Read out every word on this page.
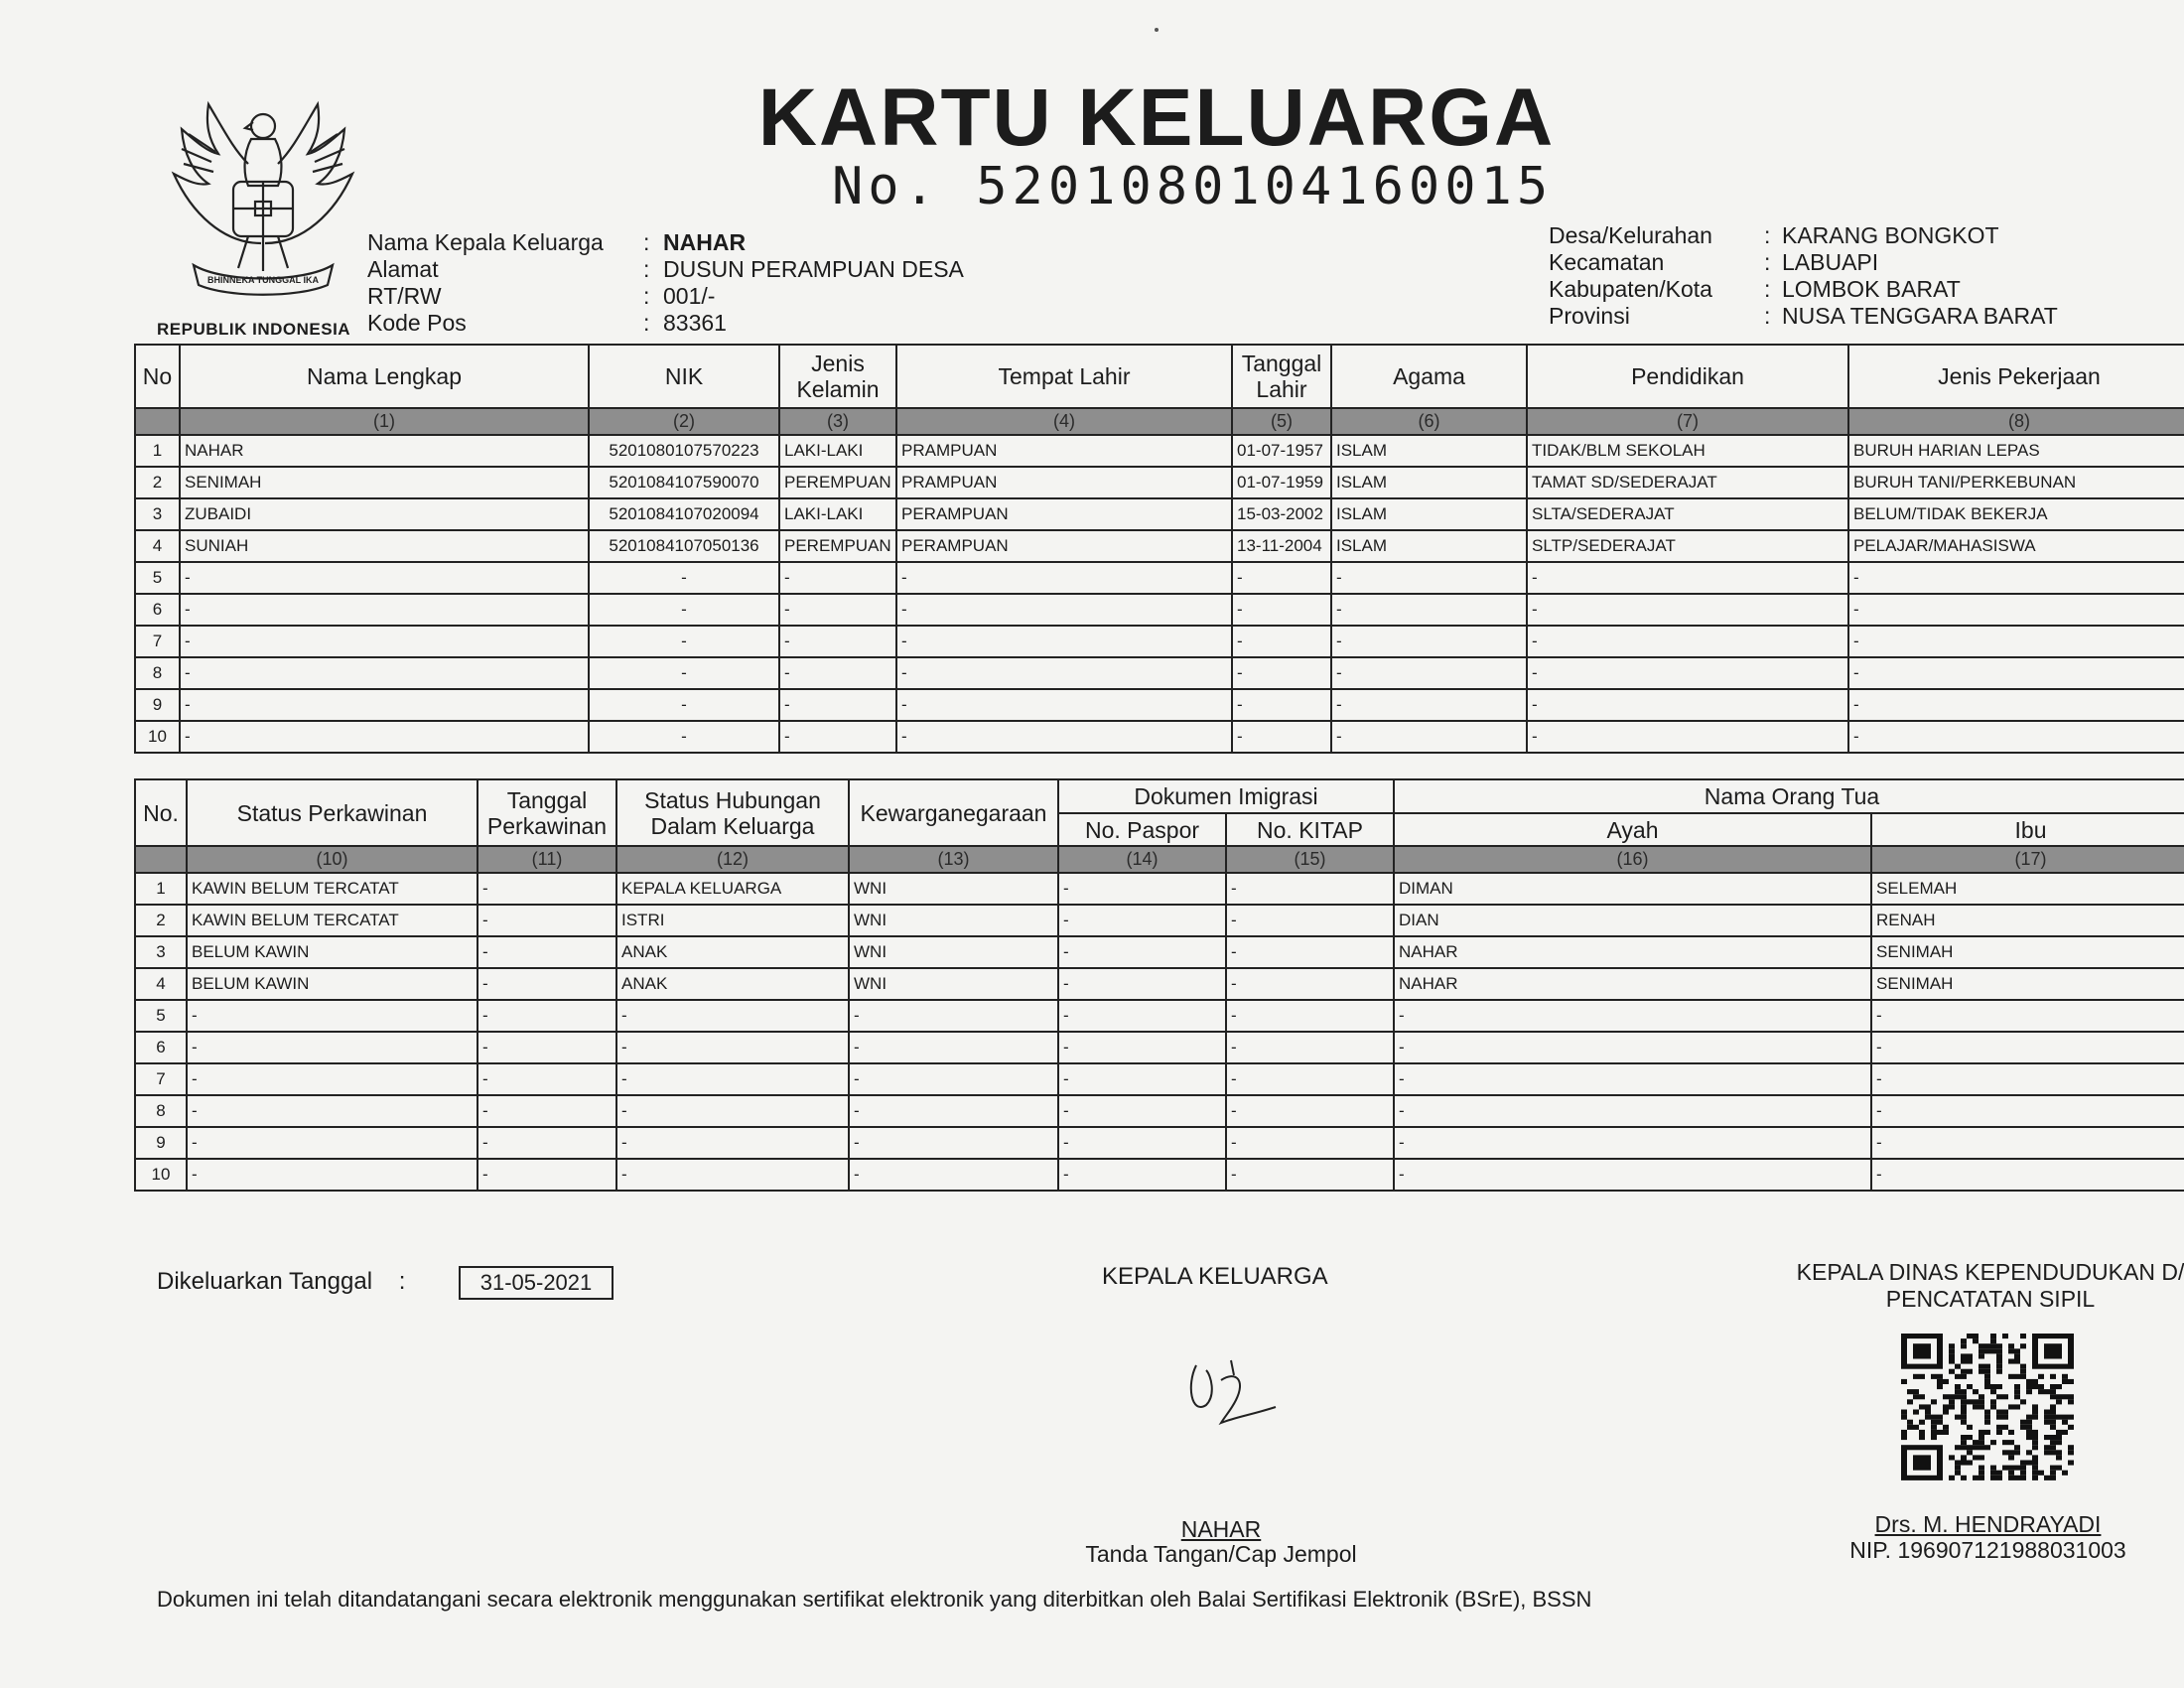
BHINNEKA TUNGGAL IKA
REPUBLIK INDONESIA
KARTU KELUARGA
No. 5201080104160015
Nama Kepala Keluarga	: NAHAR
Alamat	: DUSUN PERAMPUAN DESA
RT/RW	: 001/-
Kode Pos	: 83361
Desa/Kelurahan	: KARANG BONGKOT
Kecamatan	: LABUAPI
Kabupaten/Kota	: LOMBOK BARAT
Provinsi	: NUSA TENGGARA BARAT
No	Nama Lengkap	NIK	Jenis Kelamin	Tempat Lahir	Tanggal Lahir	Agama	Pendidikan	Jenis Pekerjaan
	(1)	(2)	(3)	(4)	(5)	(6)	(7)	(8)
1	NAHAR	5201080107570223	LAKI-LAKI	PRAMPUAN	01-07-1957	ISLAM	TIDAK/BLM SEKOLAH	BURUH HARIAN LEPAS
2	SENIMAH	5201084107590070	PEREMPUAN	PRAMPUAN	01-07-1959	ISLAM	TAMAT SD/SEDERAJAT	BURUH TANI/PERKEBUNAN
3	ZUBAIDI	5201084107020094	LAKI-LAKI	PERAMPUAN	15-03-2002	ISLAM	SLTA/SEDERAJAT	BELUM/TIDAK BEKERJA
4	SUNIAH	5201084107050136	PEREMPUAN	PERAMPUAN	13-11-2004	ISLAM	SLTP/SEDERAJAT	PELAJAR/MAHASISWA
5	-	-	-	-	-	-	-	-
6	-	-	-	-	-	-	-	-
7	-	-	-	-	-	-	-	-
8	-	-	-	-	-	-	-	-
9	-	-	-	-	-	-	-	-
10	-	-	-	-	-	-	-	-
No.	Status Perkawinan	Tanggal Perkawinan	Status Hubungan Dalam Keluarga	Kewarganegaraan	Dokumen Imigrasi		Nama Orang Tua	
					No. Paspor	No. KITAP	Ayah	Ibu
	(10)	(11)	(12)	(13)	(14)	(15)	(16)	(17)
1	KAWIN BELUM TERCATAT	-	KEPALA KELUARGA	WNI	-	-	DIMAN	SELEMAH
2	KAWIN BELUM TERCATAT	-	ISTRI	WNI	-	-	DIAN	RENAH
3	BELUM KAWIN	-	ANAK	WNI	-	-	NAHAR	SENIMAH
4	BELUM KAWIN	-	ANAK	WNI	-	-	NAHAR	SENIMAH
5	-	-	-	-	-	-	-	-
6	-	-	-	-	-	-	-	-
7	-	-	-	-	-	-	-	-
8	-	-	-	-	-	-	-	-
9	-	-	-	-	-	-	-	-
10	-	-	-	-	-	-	-	-
Dikeluarkan Tanggal :	31-05-2021	KEPALA KELUARGA
NAHAR
Tanda Tangan/Cap Jempol
KEPALA DINAS KEPENDUDUKAN D/
PENCATATAN SIPIL
Drs. M. HENDRAYADI
NIP. 196907121988031003
Dokumen ini telah ditandatangani secara elektronik menggunakan sertifikat elektronik yang diterbitkan oleh Balai Sertifikasi Elektronik (BSrE), BSSN
